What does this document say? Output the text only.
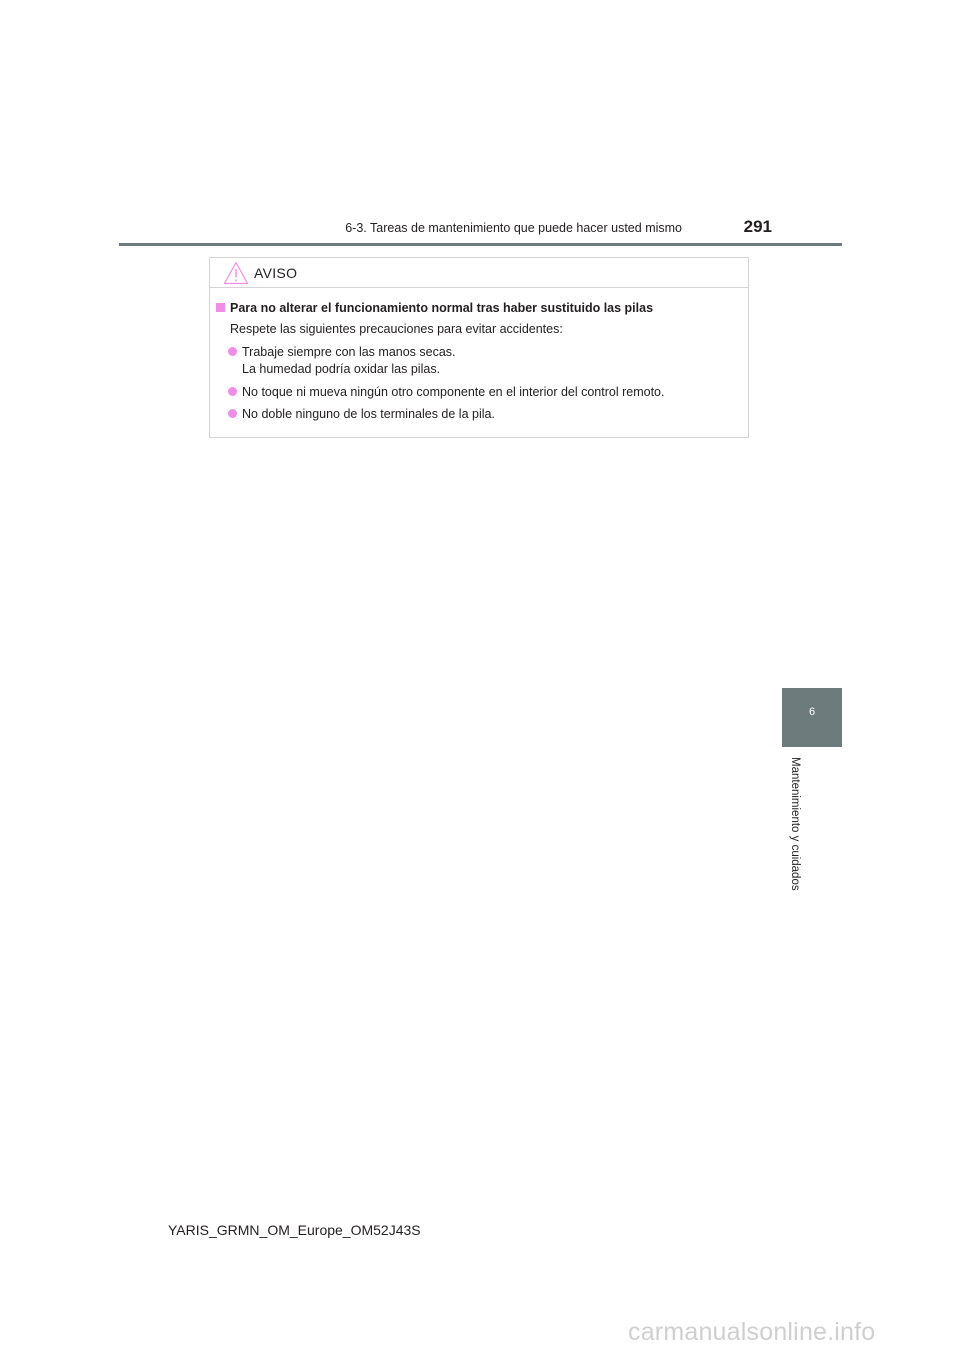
6-3. Tareas de mantenimiento que puede hacer usted mismo	291
6
Mantenimiento y cuidados
AVISO
Para no alterar el funcionamiento normal tras haber sustituido las pilas
Respete las siguientes precauciones para evitar accidentes:
Trabaje siempre con las manos secas.
La humedad podría oxidar las pilas.
No toque ni mueva ningún otro componente en el interior del control remoto.
No doble ninguno de los terminales de la pila.
YARIS_GRMN_OM_Europe_OM52J43S
carmanualsonline.info
